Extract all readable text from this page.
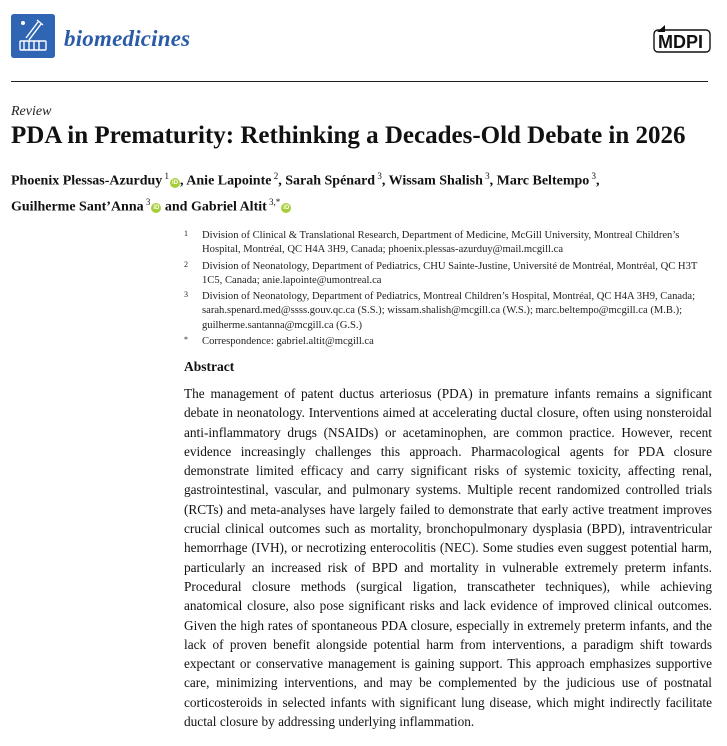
biomedicines	MDPI
Review
PDA in Prematurity: Rethinking a Decades-Old Debate in 2026
Phoenix Plessas-Azurduy $^1$iD , Anie Lapointe $^2$, Sarah Spénard $^3$, Wissam Shalish $^3$, Marc Beltempo $^3$,
Guilherme Sant’Anna $^3$iD and Gabriel Altit $^{3,*}$iD
1 Division of Clinical & Translational Research, Department of Medicine, McGill University, Montreal Children’s Hospital, Montréal, QC H4A 3H9, Canada; phoenix.plessas-azurduy@mail.mcgill.ca
2 Division of Neonatology, Department of Pediatrics, CHU Sainte-Justine, Université de Montréal, Montréal, QC H3T 1C5, Canada; anie.lapointe@umontreal.ca
3 Division of Neonatology, Department of Pediatrics, Montreal Children’s Hospital, Montréal, QC H4A 3H9, Canada; sarah.spenard.med@ssss.gouv.qc.ca (S.S.); wissam.shalish@mcgill.ca (W.S.); marc.beltempo@mcgill.ca (M.B.); guilherme.santanna@mcgill.ca (G.S.)
* Correspondence: gabriel.altit@mcgill.ca
Abstract
The management of patent ductus arteriosus (PDA) in premature infants remains a significant debate in neonatology. Interventions aimed at accelerating ductal closure, often using nonsteroidal anti-inflammatory drugs (NSAIDs) or acetaminophen, are common practice. However, recent evidence increasingly challenges this approach. Pharmacological agents for PDA closure demonstrate limited efficacy and carry significant risks of systemic toxicity, affecting renal, gastrointestinal, vascular, and pulmonary systems. Multiple recent randomized controlled trials (RCTs) and meta-analyses have largely failed to demonstrate that early active treatment improves crucial clinical outcomes such as mortality, bronchopulmonary dysplasia (BPD), intraventricular hemorrhage (IVH), or necrotizing enterocolitis (NEC). Some studies even suggest potential harm, particularly an increased risk of BPD and mortality in vulnerable extremely preterm infants. Procedural closure methods (surgical ligation, transcatheter techniques), while achieving anatomical closure, also pose significant risks and lack evidence of improved clinical outcomes. Given the high rates of spontaneous PDA closure, especially in extremely preterm infants, and the lack of proven benefit alongside potential harm from interventions, a paradigm shift towards expectant or conservative management is gaining support. This approach emphasizes supportive care, minimizing interventions, and may be complemented by the judicious use of postnatal corticosteroids in selected infants with significant lung disease, which might indirectly facilitate ductal closure by addressing underlying inflammation.
